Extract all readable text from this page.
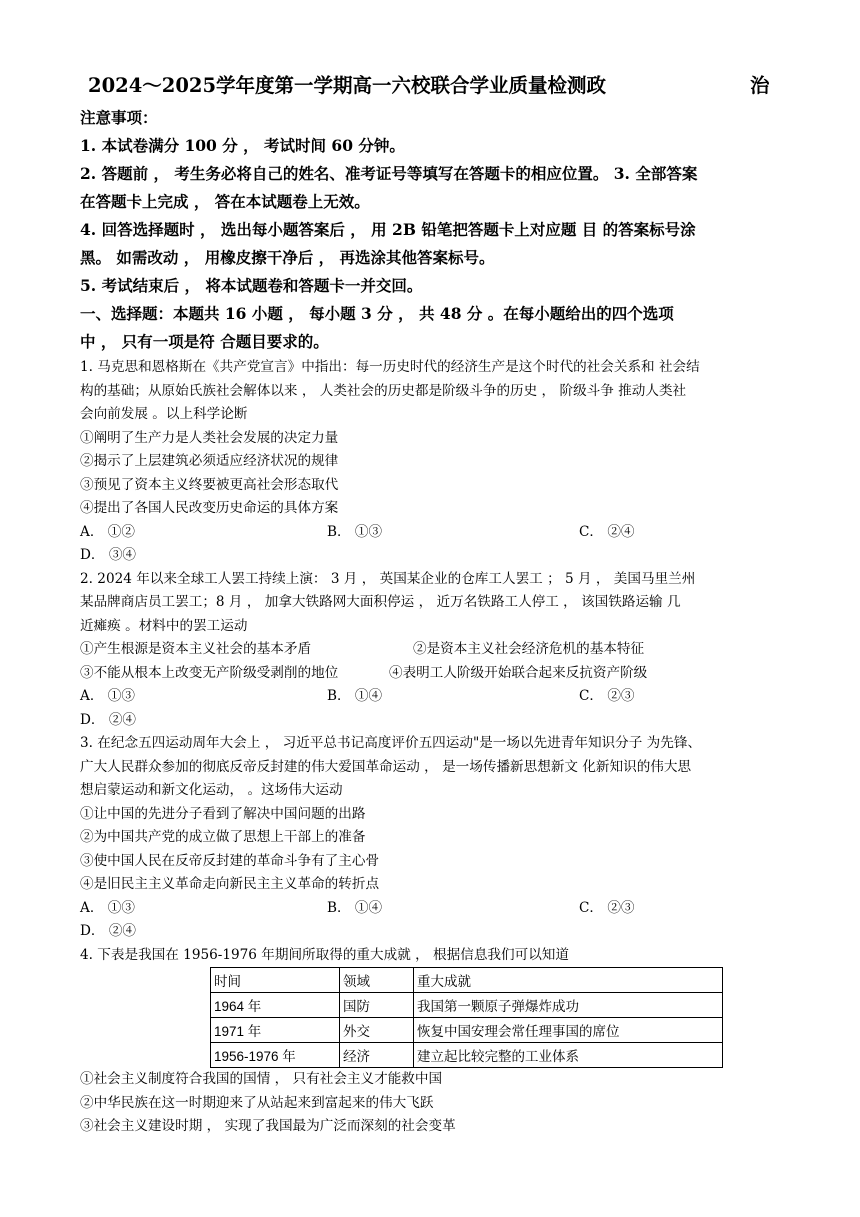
2024～2025学年度第一学期高一六校联合学业质量检测政	治
注意事项：
1. 本试卷满分 100 分 ， 考试时间 60 分钟。
2. 答题前 ， 考生务必将自己的姓名、准考证号等填写在答题卡的相应位置。 3. 全部答案
在答题卡上完成 ， 答在本试题卷上无效。
4. 回答选择题时 ， 选出每小题答案后 ， 用 2B 铅笔把答题卡上对应题 目 的答案标号涂
黑。 如需改动 ， 用橡皮擦干净后 ， 再选涂其他答案标号。
5. 考试结束后 ， 将本试题卷和答题卡一并交回。
一、选择题：本题共 16 小题 ， 每小题 3 分 ， 共 48 分 。在每小题给出的四个选项
中 ， 只有一项是符 合题目要求的。
1. 马克思和恩格斯在《共产党宣言》中指出：每一历史时代的经济生产是这个时代的社会关系和 社会结
构的基础；从原始氏族社会解体以来 ， 人类社会的历史都是阶级斗争的历史 ， 阶级斗争 推动人类社
会向前发展 。以上科学论断
①阐明了生产力是人类社会发展的决定力量
②揭示了上层建筑必须适应经济状况的规律
③预见了资本主义终要被更高社会形态取代
④提出了各国人民改变历史命运的具体方案
A． ①②	B． ①③	C． ②④
D． ③④
2. 2024 年以来全球工人罢工持续上演： 3 月 ， 英国某企业的仓库工人罢工 ； 5 月 ， 美国马里兰州
某品牌商店员工罢工；8 月 ， 加拿大铁路网大面积停运 ， 近万名铁路工人停工 ， 该国铁路运输 几
近瘫痪 。材料中的罢工运动
①产生根源是资本主义社会的基本矛盾	②是资本主义社会经济危机的基本特征
③不能从根本上改变无产阶级受剥削的地位	④表明工人阶级开始联合起来反抗资产阶级
A． ①③	B． ①④	C． ②③
D． ②④
3. 在纪念五四运动周年大会上 ， 习近平总书记高度评价五四运动"是一场以先进青年知识分子 为先锋、
广大人民群众参加的彻底反帝反封建的伟大爱国革命运动 ， 是一场传播新思想新文 化新知识的伟大思
想启蒙运动和新文化运动， 。这场伟大运动
①让中国的先进分子看到了解决中国问题的出路
②为中国共产党的成立做了思想上干部上的准备
③使中国人民在反帝反封建的革命斗争有了主心骨
④是旧民主主义革命走向新民主主义革命的转折点
A． ①③	B． ①④	C． ②③
D． ②④
4. 下表是我国在 1956-1976 年期间所取得的重大成就 ， 根据信息我们可以知道
时间	领域	重大成就
1964 年	国防	我国第一颗原子弹爆炸成功
1971 年	外交	恢复中国安理会常任理事国的席位
1956-1976 年	经济	建立起比较完整的工业体系
①社会主义制度符合我国的国情 ， 只有社会主义才能救中国
②中华民族在这一时期迎来了从站起来到富起来的伟大飞跃
③社会主义建设时期 ， 实现了我国最为广泛而深刻的社会变革
